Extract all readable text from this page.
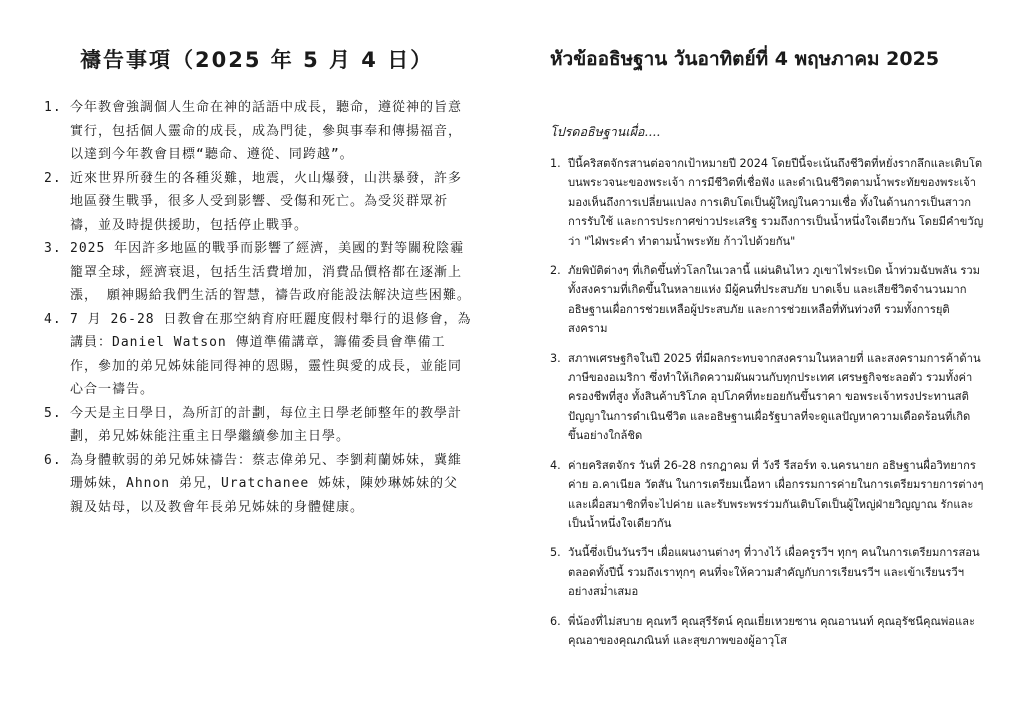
禱告事項（2025 年 5 月 4 日）
1. 今年教會強調個人生命在神的話語中成長，聽命，遵從神的旨意實行，包括個人靈命的成長，成為門徒，參與事奉和傳揚福音，以達到今年教會目標“聽命、遵從、同跨越”。
2. 近來世界所發生的各種災難，地震，火山爆發，山洪暴發，許多地區發生戰爭，很多人受到影響、受傷和死亡。為受災群眾祈禱，並及時提供援助，包括停止戰爭。
3. 2025 年因許多地區的戰爭而影響了經濟，美國的對等關稅陰霾籠罩全球，經濟衰退，包括生活費增加，消費品價格都在逐漸上漲， 願神賜給我們生活的智慧，禱告政府能設法解決這些困難。
4. 7 月 26-28 日教會在那空納育府旺麗度假村舉行的退修會，為講員：Daniel Watson 傳道準備講章，籌備委員會準備工作，參加的弟兄姊妹能同得神的恩賜，靈性與愛的成長，並能同心合一禱告。
5. 今天是主日學日，為所訂的計劃，每位主日學老師整年的教學計劃，弟兄姊妹能注重主日學繼續參加主日學。
6. 為身體軟弱的弟兄姊妹禱告：蔡志偉弟兄、李劉莉蘭姊妹，冀維珊姊妹，Ahnon 弟兄，Uratchanee 姊妹，陳妙琳姊妹的父親及姑母，以及教會年長弟兄姊妹的身體健康。
หัวข้ออธิษฐาน วันอาทิตย์ที่ 4 พฤษภาคม 2025
โปรดอธิษฐานเผื่อ....
1. ปีนี้คริสตจักรสานต่อจากเป้าหมายปี 2024 โดยปีนี้จะเน้นถึงชีวิตที่หยั่งรากลึกและเติบโตบนพระวจนะของพระเจ้า การมีชีวิตที่เชื่อฟัง และดำเนินชีวิตตามน้ำพระทัยของพระเจ้า มองเห็นถึงการเปลี่ยนแปลง การเติบโตเป็นผู้ใหญ่ในความเชื่อ ทั้งในด้านการเป็นสาวก การรับใช้ และการประกาศข่าวประเสริฐ รวมถึงการเป็นน้ำหนึ่งใจเดียวกัน โดยมีคำขวัญว่า "ไฝ่พระคำ ทำตามน้ำพระทัย ก้าวไปด้วยกัน"
2. ภัยพิบัติต่างๆ ที่เกิดขึ้นทั่วโลกในเวลานี้ แผ่นดินไหว ภูเขาไฟระเบิด น้ำท่วมฉับพลัน รวมทั้งสงครามที่เกิดขึ้นในหลายแห่ง มีผู้คนที่ประสบภัย บาดเจ็บ และเสียชีวิตจำนวนมาก อธิษฐานเผื่อการช่วยเหลือผู้ประสบภัย และการช่วยเหลือที่ทันท่วงที รวมทั้งการยุติสงคราม
3. สภาพเศรษฐกิจในปี 2025 ที่มีผลกระทบจากสงครามในหลายที่ และสงครามการค้าด้านภาษีของอเมริกา ซึ่งทำให้เกิดความผันผวนกับทุกประเทศ เศรษฐกิจชะลอตัว รวมทั้งค่าครองชีพที่สูง ทั้งสินค้าบริโภค อุปโภคที่ทะยอยกันขึ้นราคา ขอพระเจ้าทรงประทานสติปัญญาในการดำเนินชีวิต และอธิษฐานเผื่อรัฐบาลที่จะดูแลปัญหาความเดือดร้อนที่เกิดขึ้นอย่างใกล้ชิด
4. ค่ายคริสตจักร วันที่ 26-28 กรกฎาคม ที่ วังรี รีสอร์ท จ.นครนายก อธิษฐานผื่อวิทยากรค่าย อ.คาเนียล วัตสัน ในการเตรียมเนื้อหา เผื่อกรรมการค่ายในการเตรียมรายการต่างๆ และเผื่อสมาชิกที่จะไปค่าย และรับพระพรร่วมกันเติบโตเป็นผู้ใหญ่ฝ่ายวิญญาณ รักและเป็นน้ำหนึ่งใจเดียวกัน
5. วันนี้ซึ่งเป็นวันรวีฯ เผื่อแผนงานต่างๆ ที่วางไว้ เผื่อครูรวีฯ ทุกๆ คนในการเตรียมการสอนตลอดทั้งปีนี้ รวมถึงเราทุกๆ คนที่จะให้ความสำคัญกับการเรียนรวีฯ และเข้าเรียนรวีฯอย่างสม่ำเสมอ
6. พี่น้องที่ไม่สบาย คุณทวี คุณสุรีรัตน์ คุณเยี่ยเหวยซาน คุณอานนท์ คุณอุรัชนีคุณพ่อและคุณอาของคุณภณินท์ และสุขภาพของผู้อาวุโส
